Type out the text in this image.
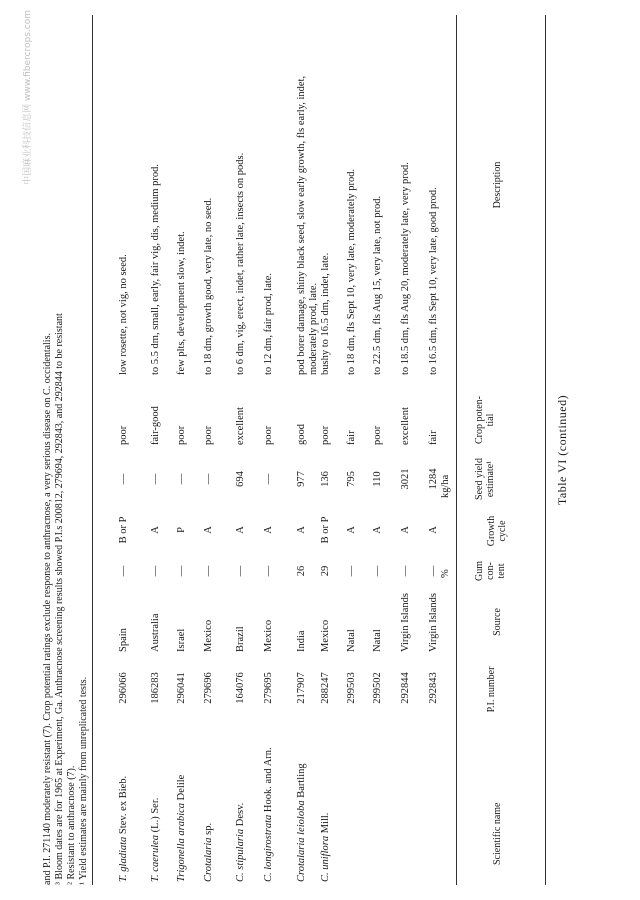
Table VI (continued)
Scientific name
P.I. number
Source
Gum con- tent
Growth cycle
Seed yield estimate¹
Crop poten- tial
Description
%
kg/ha
292843
Virgin Islands
—
A
1284
fair
to 16.5 dm, fls Sept 10, very late, good prod.
292844
Virgin Islands
—
A
3021
excellent
to 18.5 dm, fls Aug 20, moderately late, very prod.
299502
Natal
—
A
110
poor
to 22.5 dm, fls Aug 15, very late, not prod.
299503
Natal
—
A
795
fair
to 18 dm, fls Sept 10, very late, moderately prod.
C. uniflora Mill.
288247
Mexico
29
B or P
136
poor
bushy to 16.5 dm, indet, late.
Crotalaria leioloba Bartling
217907
India
26
A
977
good
pod borer damage, shiny black seed, slow early growth, fls early, indet, moderately prod, late.
C. longirostrata Hook. and Arn.
279695
Mexico
—
A
—
poor
to 12 dm, fair prod, late.
C. stipularia Desv.
164076
Brazil
—
A
694
excellent
to 6 dm, vig, erect, indet, rather late, insects on pods.
Crotalaria sp.
279696
Mexico
—
A
—
poor
to 18 dm, growth good, very late, no seed.
Trigonella arabica Delile
296041
Israel
—
P
—
poor
few plts, development slow, indet.
T. caerulea (L.) Ser.
186283
Australia
—
A
—
fair-good
to 5.5 dm, small, early, fair vig, dis, medium prod.
T. gladiata Stev. ex Bieb.
296066
Spain
—
B or P
—
poor
low rosette, not vig, no seed.
¹ Yield estimates are mainly from unreplicated tests.
² Resistant to anthracnose (7).
³ Bloom dates are for 1965 at Experiment, Ga. Anthracnose screening results showed P.I.s 200812, 279694, 292843, and 292844 to be resistant
and P.I. 271140 moderately resistant (7). Crop potential ratings exclude response to anthracnose, a very serious disease on C. occidentalis.
中国麻业科技信息网 www.fibercrops.com
